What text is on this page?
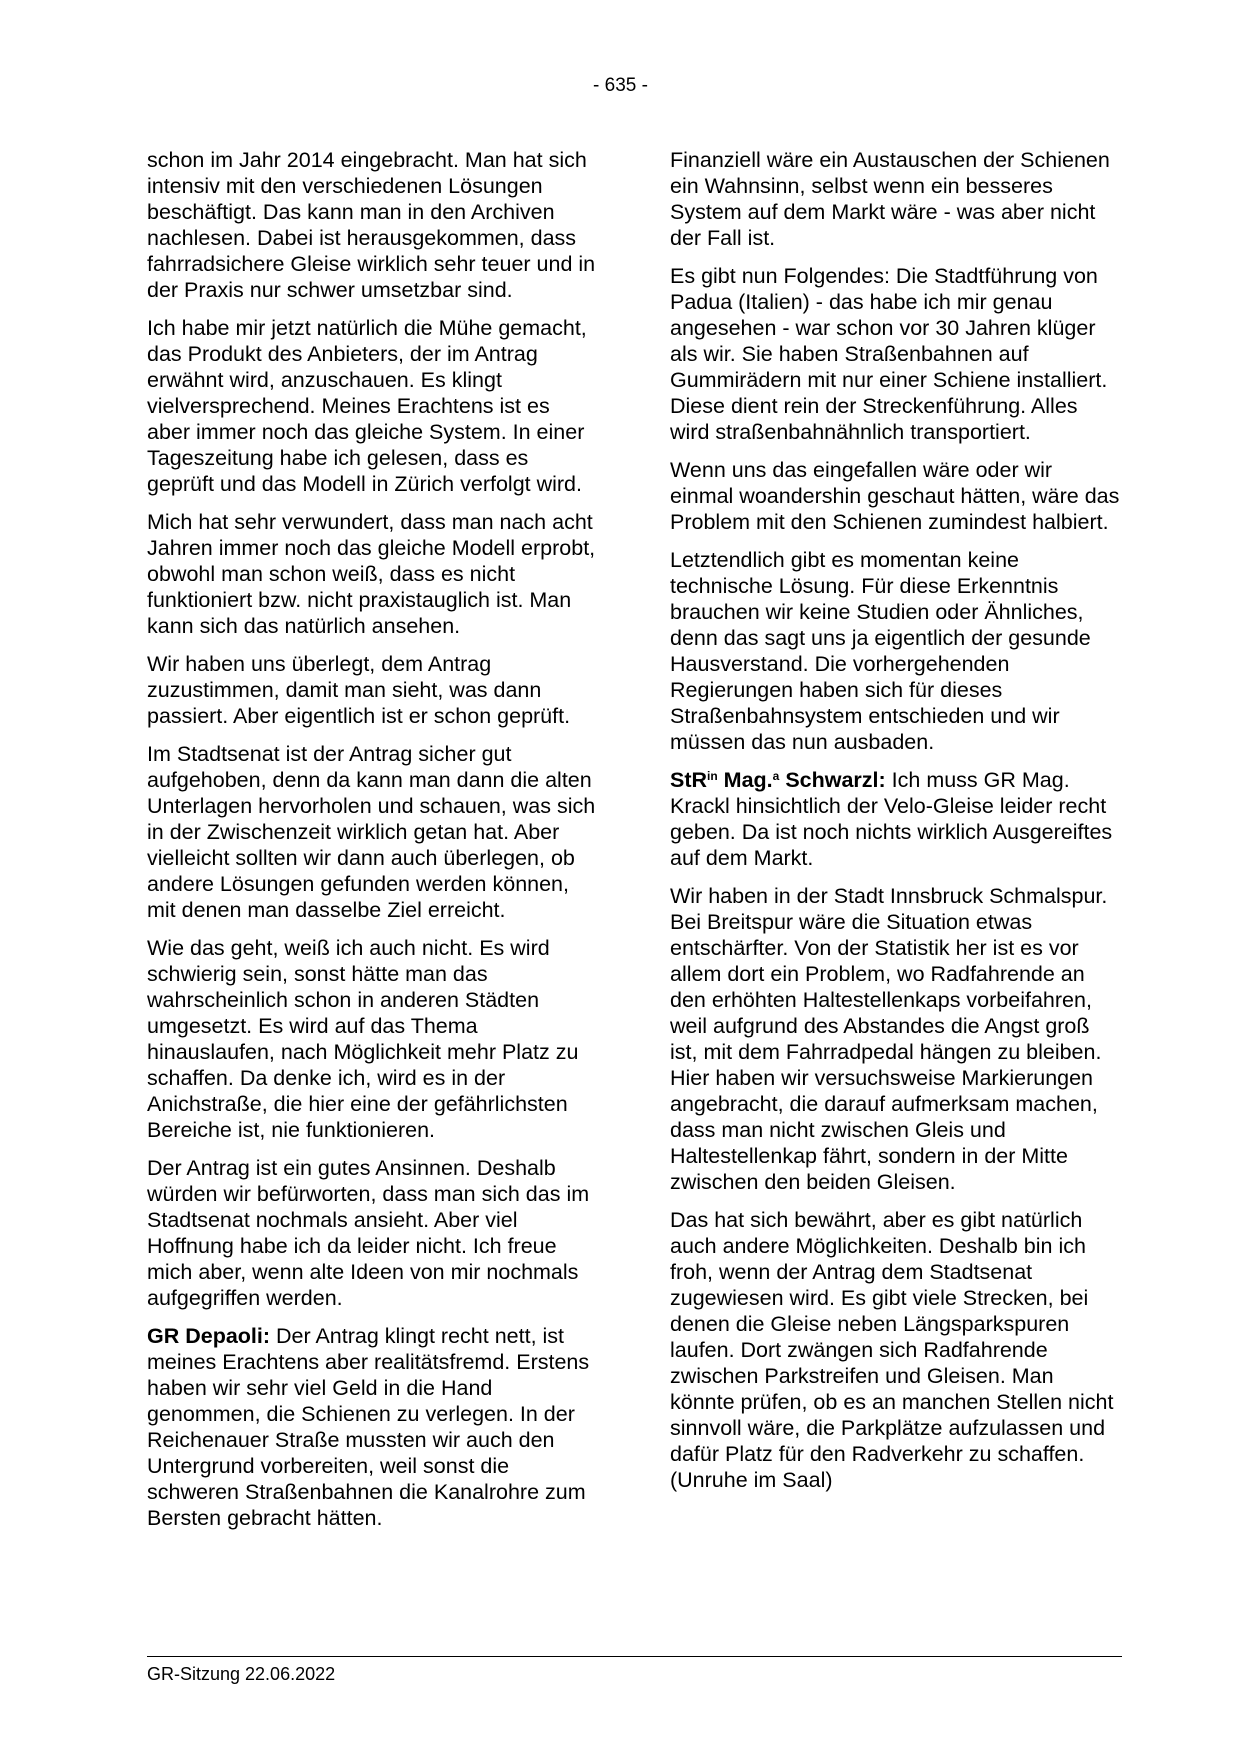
- 635 -

schon im Jahr 2014 eingebracht. Man hat sich intensiv mit den verschiedenen Lösungen beschäftigt. Das kann man in den Archiven nachlesen. Dabei ist herausgekommen, dass fahrradsichere Gleise wirklich sehr teuer und in der Praxis nur schwer umsetzbar sind.

Ich habe mir jetzt natürlich die Mühe gemacht, das Produkt des Anbieters, der im Antrag erwähnt wird, anzuschauen. Es klingt vielversprechend. Meines Erachtens ist es aber immer noch das gleiche System. In einer Tageszeitung habe ich gelesen, dass es geprüft und das Modell in Zürich verfolgt wird.

Mich hat sehr verwundert, dass man nach acht Jahren immer noch das gleiche Modell erprobt, obwohl man schon weiß, dass es nicht funktioniert bzw. nicht praxistauglich ist. Man kann sich das natürlich ansehen.

Wir haben uns überlegt, dem Antrag zuzustimmen, damit man sieht, was dann passiert. Aber eigentlich ist er schon geprüft.

Im Stadtsenat ist der Antrag sicher gut aufgehoben, denn da kann man dann die alten Unterlagen hervorholen und schauen, was sich in der Zwischenzeit wirklich getan hat. Aber vielleicht sollten wir dann auch überlegen, ob andere Lösungen gefunden werden können, mit denen man dasselbe Ziel erreicht.

Wie das geht, weiß ich auch nicht. Es wird schwierig sein, sonst hätte man das wahrscheinlich schon in anderen Städten umgesetzt. Es wird auf das Thema hinauslaufen, nach Möglichkeit mehr Platz zu schaffen. Da denke ich, wird es in der Anichstraße, die hier eine der gefährlichsten Bereiche ist, nie funktionieren.

Der Antrag ist ein gutes Ansinnen. Deshalb würden wir befürworten, dass man sich das im Stadtsenat nochmals ansieht. Aber viel Hoffnung habe ich da leider nicht. Ich freue mich aber, wenn alte Ideen von mir nochmals aufgegriffen werden.

GR Depaoli: Der Antrag klingt recht nett, ist meines Erachtens aber realitätsfremd. Erstens haben wir sehr viel Geld in die Hand genommen, die Schienen zu verlegen. In der Reichenauer Straße mussten wir auch den Untergrund vorbereiten, weil sonst die schweren Straßenbahnen die Kanalrohre zum Bersten gebracht hätten.

Finanziell wäre ein Austauschen der Schienen ein Wahnsinn, selbst wenn ein besseres System auf dem Markt wäre - was aber nicht der Fall ist.

Es gibt nun Folgendes: Die Stadtführung von Padua (Italien) - das habe ich mir genau angesehen - war schon vor 30 Jahren klüger als wir. Sie haben Straßenbahnen auf Gummirädern mit nur einer Schiene installiert. Diese dient rein der Streckenführung. Alles wird straßenbahnähnlich transportiert.

Wenn uns das eingefallen wäre oder wir einmal woandershin geschaut hätten, wäre das Problem mit den Schienen zumindest halbiert.

Letztendlich gibt es momentan keine technische Lösung. Für diese Erkenntnis brauchen wir keine Studien oder Ähnliches, denn das sagt uns ja eigentlich der gesunde Hausverstand. Die vorhergehenden Regierungen haben sich für dieses Straßenbahnsystem entschieden und wir müssen das nun ausbaden.

StR$^{in}$ Mag.$^a$ Schwarzl: Ich muss GR Mag. Krackl hinsichtlich der Velo-Gleise leider recht geben. Da ist noch nichts wirklich Ausgereiftes auf dem Markt.

Wir haben in der Stadt Innsbruck Schmalspur. Bei Breitspur wäre die Situation etwas entschärfter. Von der Statistik her ist es vor allem dort ein Problem, wo Radfahrende an den erhöhten Haltestellenkaps vorbeifahren, weil aufgrund des Abstandes die Angst groß ist, mit dem Fahrradpedal hängen zu bleiben. Hier haben wir versuchsweise Markierungen angebracht, die darauf aufmerksam machen, dass man nicht zwischen Gleis und Haltestellenkap fährt, sondern in der Mitte zwischen den beiden Gleisen.

Das hat sich bewährt, aber es gibt natürlich auch andere Möglichkeiten. Deshalb bin ich froh, wenn der Antrag dem Stadtsenat zugewiesen wird. Es gibt viele Strecken, bei denen die Gleise neben Längsparkspuren laufen. Dort zwängen sich Radfahrende zwischen Parkstreifen und Gleisen. Man könnte prüfen, ob es an manchen Stellen nicht sinnvoll wäre, die Parkplätze aufzulassen und dafür Platz für den Radverkehr zu schaffen. (Unruhe im Saal)

GR-Sitzung 22.06.2022
